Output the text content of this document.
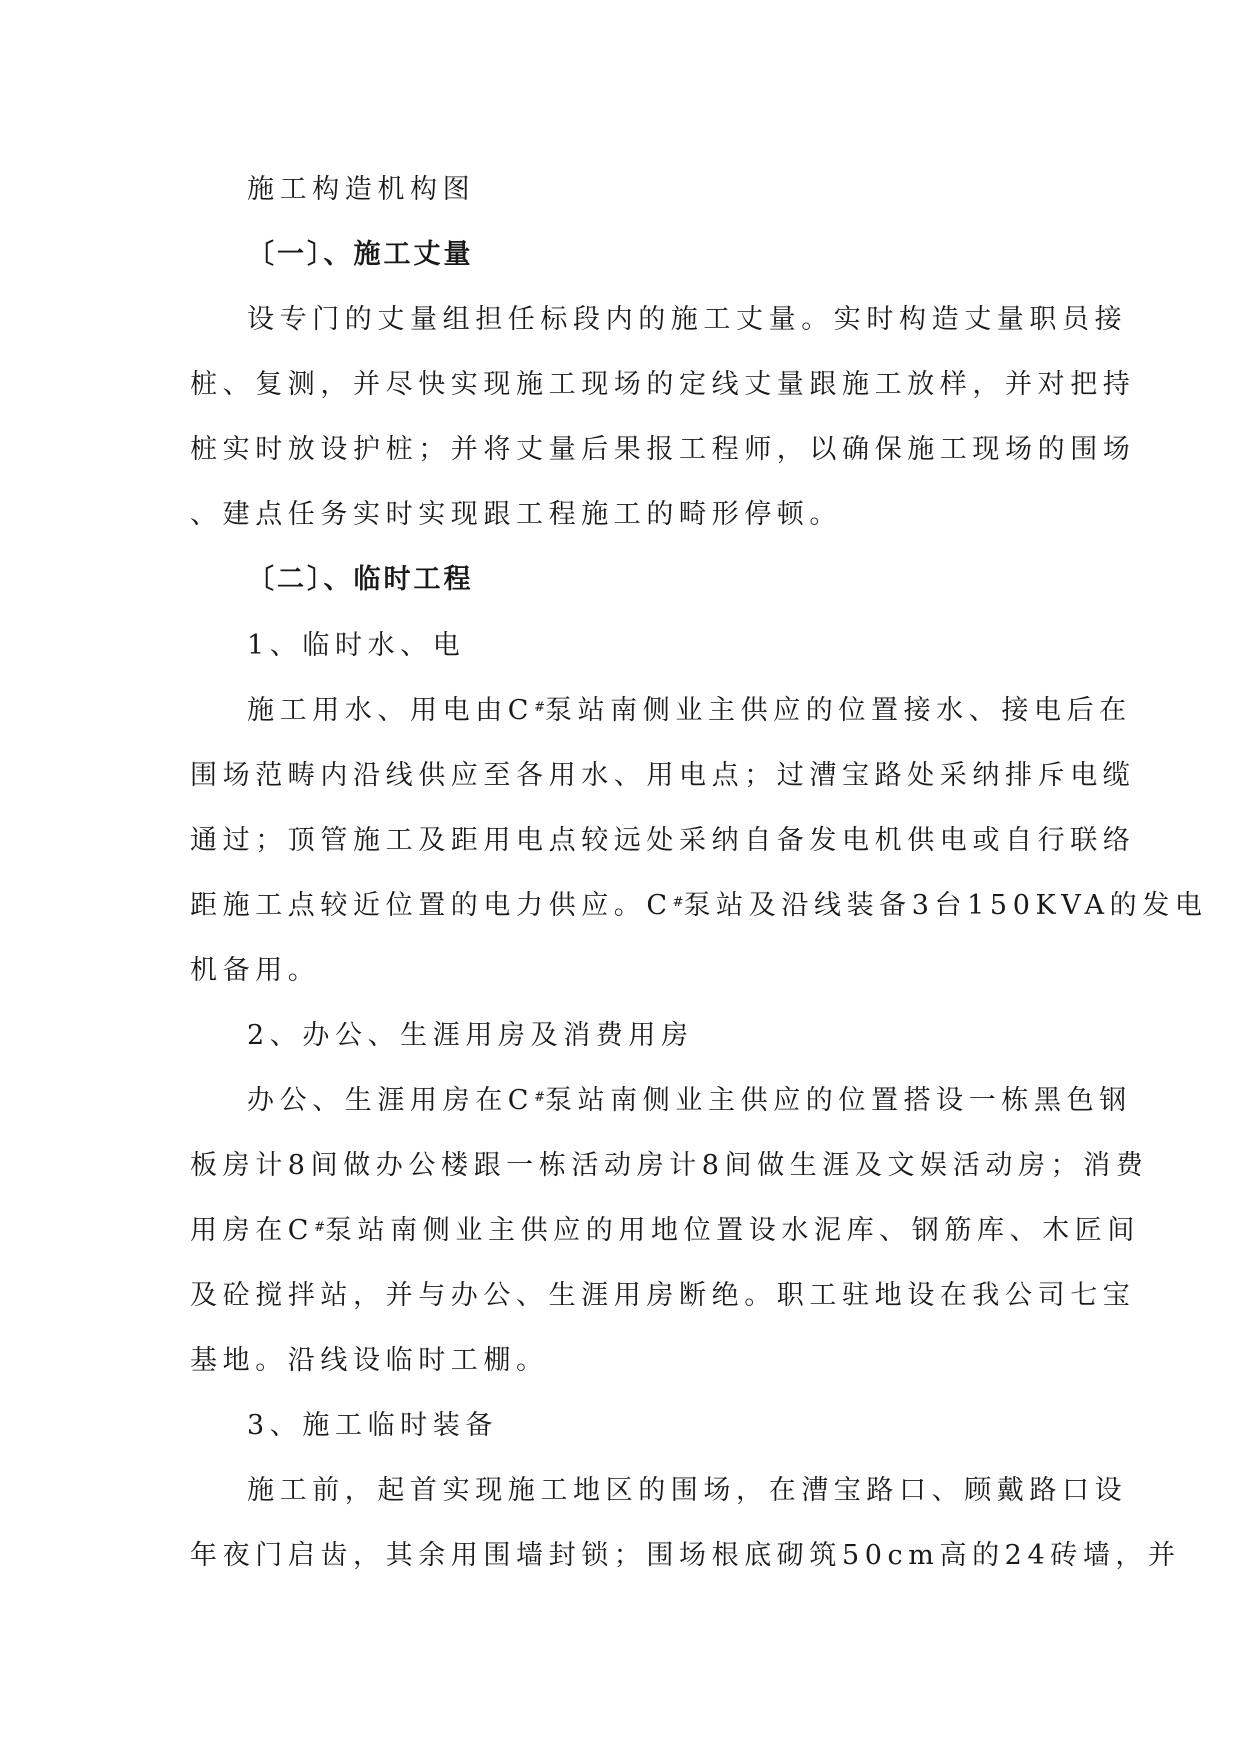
施工构造机构图
〔一〕、施工丈量
设专门的丈量组担任标段内的施工丈量。实时构造丈量职员接
桩、复测，并尽快实现施工现场的定线丈量跟施工放样，并对把持
桩实时放设护桩；并将丈量后果报工程师，以确保施工现场的围场
、建点任务实时实现跟工程施工的畸形停顿。
〔二〕、临时工程
1、临时水、电
施工用水、用电由C#泵站南侧业主供应的位置接水、接电后在
围场范畴内沿线供应至各用水、用电点；过漕宝路处采纳排斥电缆
通过；顶管施工及距用电点较远处采纳自备发电机供电或自行联络
距施工点较近位置的电力供应。C#泵站及沿线装备3台150KVA的发电
机备用。
2、办公、生涯用房及消费用房
办公、生涯用房在C#泵站南侧业主供应的位置搭设一栋黑色钢
板房计8间做办公楼跟一栋活动房计8间做生涯及文娱活动房；消费
用房在C#泵站南侧业主供应的用地位置设水泥库、钢筋库、木匠间
及砼搅拌站，并与办公、生涯用房断绝。职工驻地设在我公司七宝
基地。沿线设临时工棚。
3、施工临时装备
施工前，起首实现施工地区的围场，在漕宝路口、顾戴路口设
年夜门启齿，其余用围墙封锁；围场根底砌筑50cm高的24砖墙，并
